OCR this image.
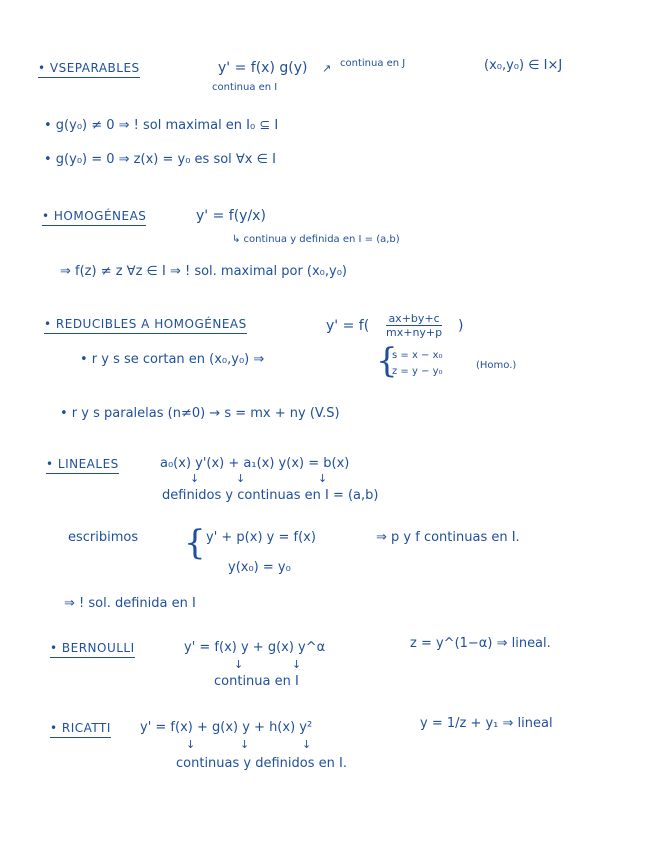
• VSEPARABLES	y' = f(x) g(y) ↗ continua en J	(x₀,y₀) ∈ I×J
continua en I
• g(y₀) ≠ 0 ⇒ ! sol maximal en I₀ ⊆ I
• g(y₀) = 0 ⇒ z(x) = y₀ es sol ∀x ∈ I
• HOMOGÉNEAS	y' = f(y/x)
↳ continua y definida en I = (a,b)
⇒ f(z) ≠ z ∀z ∈ I ⇒ ! sol. maximal por (x₀,y₀)
• REDUCIBLES A HOMOGÉNEAS	$y' = f( \frac{ax+by+c}{mx+ny+p}$ )
• r y s se cortan en (x₀,y₀) ⇒	{
s = x − x₀
z = y − y₀
(Homo.)
• r y s paralelas (n≠0) → s = mx + ny (V.S)
• LINEALES	a₀(x) y'(x) + a₁(x) y(x) = b(x)
↓	↓	↓
definidos y continuas en I = (a,b)
escribimos { y' + p(x) y = f(x)
y(x₀) = y₀
⇒ p y f continuas en I.
⇒ ! sol. definida en I
• BERNOULLI	y' = f(x) y + g(x) y^α	z = y^(1−α) ⇒ lineal.
↓	↓
continua en I
• RICATTI y' = f(x) + g(x) y + h(x) y²	y = 1/z + y₁ ⇒ lineal
↓	↓	↓
continuas y definidos en I.
